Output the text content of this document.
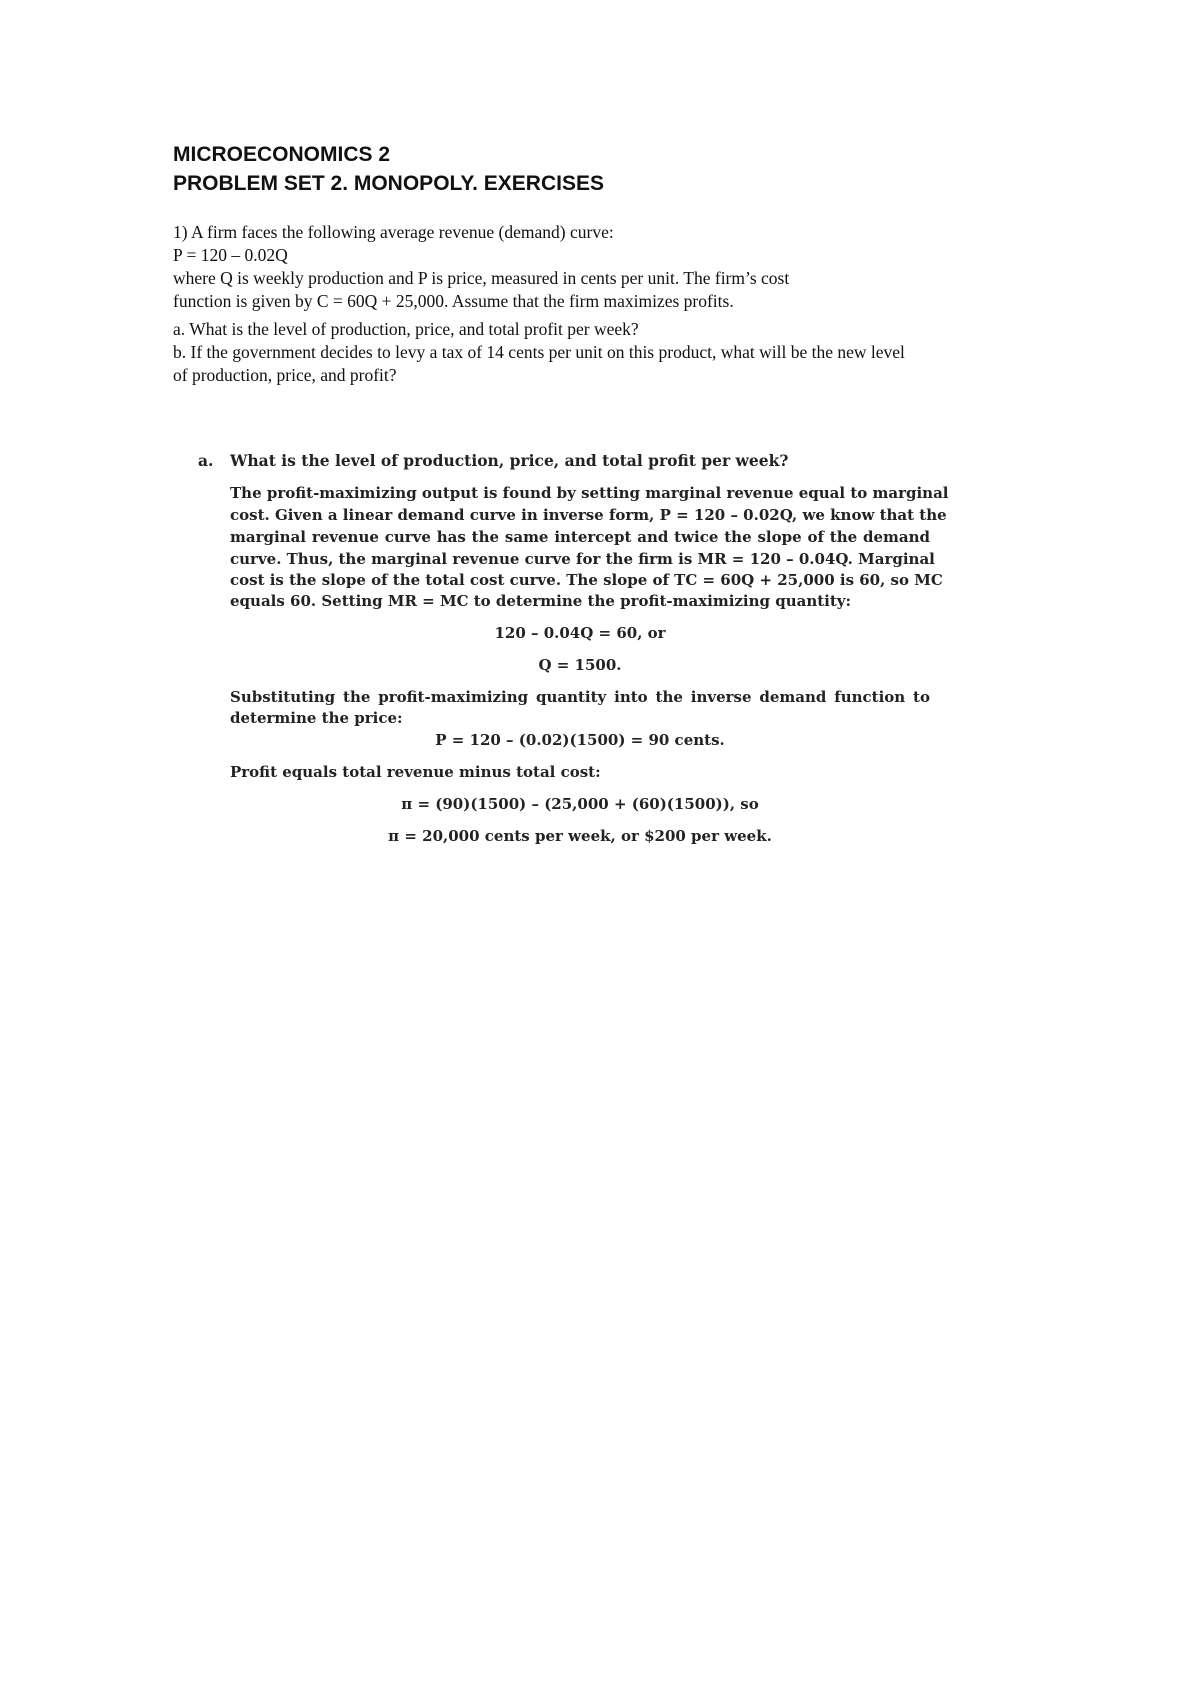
MICROECONOMICS 2
PROBLEM SET 2. MONOPOLY. EXERCISES
1) A firm faces the following average revenue (demand) curve:
P = 120 – 0.02Q
where Q is weekly production and P is price, measured in cents per unit. The firm’s cost
function is given by C = 60Q + 25,000. Assume that the firm maximizes profits.
a. What is the level of production, price, and total profit per week?
b. If the government decides to levy a tax of 14 cents per unit on this product, what will be the new level
of production, price, and profit?
a. What is the level of production, price, and total profit per week?
The profit-maximizing output is found by setting marginal revenue equal to marginal
cost. Given a linear demand curve in inverse form, P = 120 – 0.02Q, we know that the
marginal revenue curve has the same intercept and twice the slope of the demand
curve. Thus, the marginal revenue curve for the firm is MR = 120 – 0.04Q. Marginal
cost is the slope of the total cost curve. The slope of TC = 60Q + 25,000 is 60, so MC
equals 60. Setting MR = MC to determine the profit-maximizing quantity:
120 – 0.04Q = 60, or
Q = 1500.
Substituting the profit-maximizing quantity into the inverse demand function to
determine the price:
P = 120 – (0.02)(1500) = 90 cents.
Profit equals total revenue minus total cost:
π = (90)(1500) – (25,000 + (60)(1500)), so
π = 20,000 cents per week, or $200 per week.
